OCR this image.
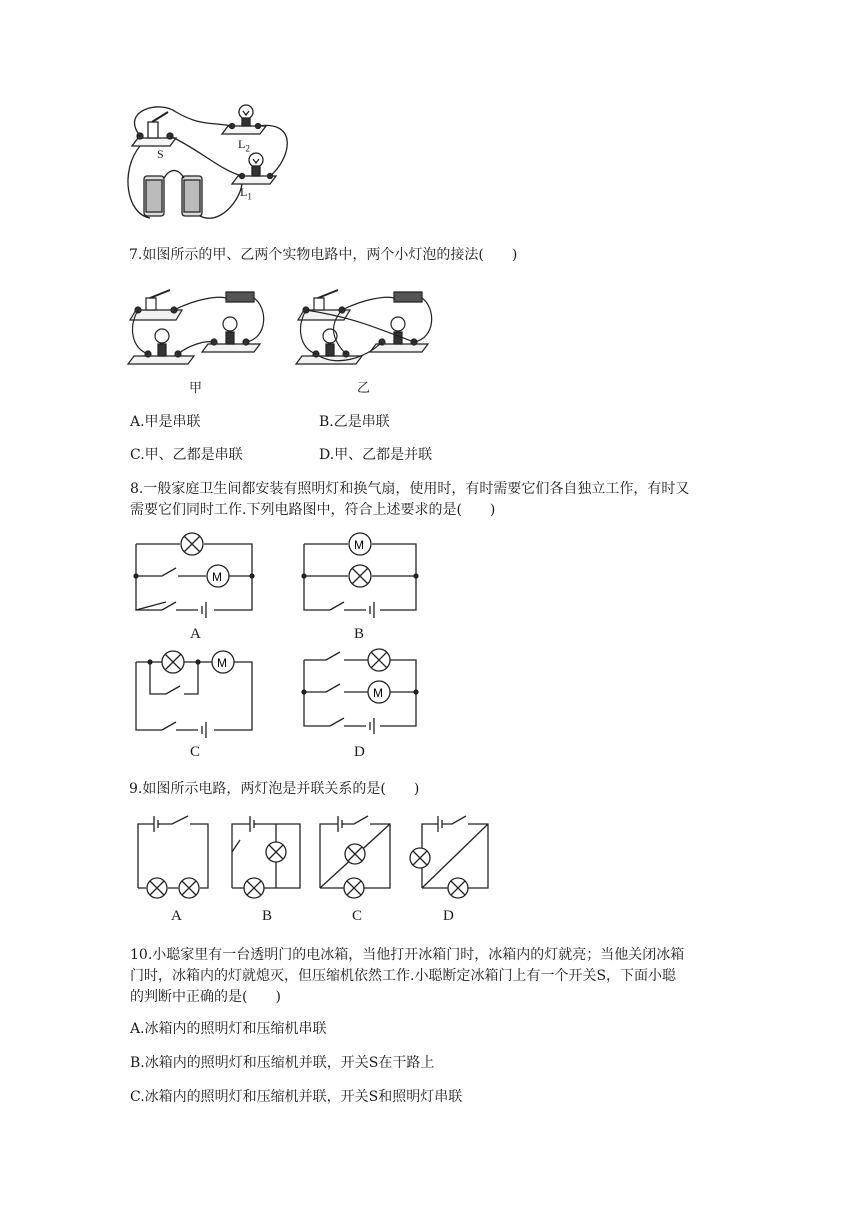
S
$L_2$
$L_1$
7.如图所示的甲、乙两个实物电路中，两个小灯泡的接法(　　)
甲	乙
A.甲是串联	B.乙是串联
C.甲、乙都是串联	D.甲、乙都是并联
8.一般家庭卫生间都安装有照明灯和换气扇，使用时，有时需要它们各自独立工作，有时又
需要它们同时工作.下列电路图中，符合上述要求的是(　　)
M
A
M
B
M
C
M
D
9.如图所示电路，两灯泡是并联关系的是(　　)
A	B	C	D
10.小聪家里有一台透明门的电冰箱，当他打开冰箱门时，冰箱内的灯就亮；当他关闭冰箱
门时，冰箱内的灯就熄灭，但压缩机依然工作.小聪断定冰箱门上有一个开关S，下面小聪
的判断中正确的是(　　)
A.冰箱内的照明灯和压缩机串联
B.冰箱内的照明灯和压缩机并联，开关S在干路上
C.冰箱内的照明灯和压缩机并联，开关S和照明灯串联
